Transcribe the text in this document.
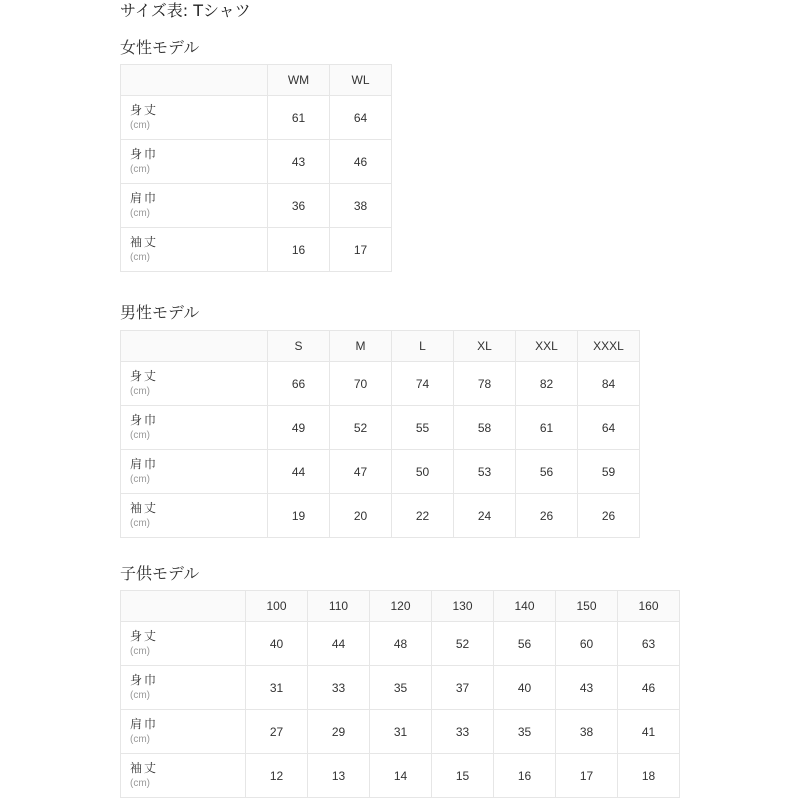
サイズ表: Tシャツ
女性モデル
	WM	WL

身丈
(cm)	61	64

身巾
(cm)	43	46

肩巾
(cm)	36	38

袖丈
(cm)	16	17
男性モデル
	S	M	L	XL	XXL	XXXL

身丈
(cm)	66	70	74	78	82	84

身巾
(cm)	49	52	55	58	61	64

肩巾
(cm)	44	47	50	53	56	59

袖丈
(cm)	19	20	22	24	26	26
子供モデル
	100	110	120	130	140	150	160

身丈
(cm)	40	44	48	52	56	60	63

身巾
(cm)	31	33	35	37	40	43	46

肩巾
(cm)	27	29	31	33	35	38	41

袖丈
(cm)	12	13	14	15	16	17	18
